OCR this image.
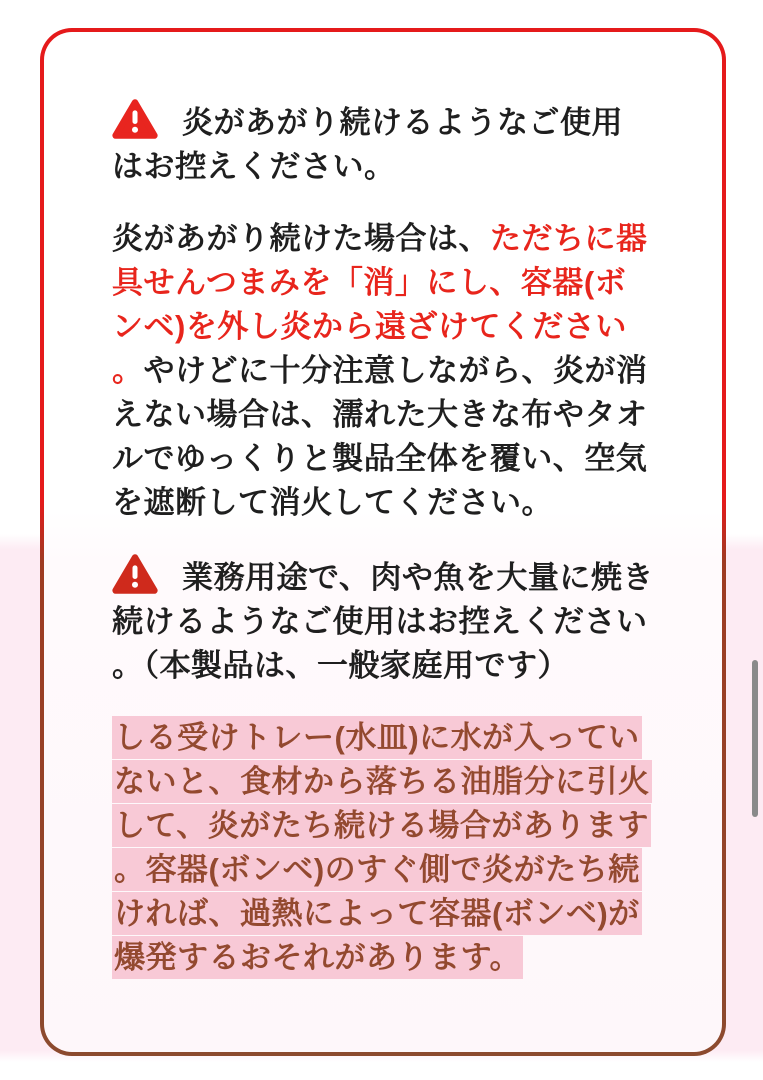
炎があがり続けるようなご使用はお控えください。

炎があがり続けた場合は、ただちに器具せんつまみを「消」にし、容器(ボンベ)を外し炎から遠ざけてください。やけどに十分注意しながら、炎が消えない場合は、濡れた大きな布やタオルでゆっくりと製品全体を覆い、空気を遮断して消火してください。

業務用途で、肉や魚を大量に焼き続けるようなご使用はお控えください。（本製品は、一般家庭用です）

しる受けトレー(水皿)に水が入っていないと、食材から落ちる油脂分に引火して、炎がたち続ける場合があります。容器(ボンベ)のすぐ側で炎がたち続ければ、過熱によって容器(ボンベ)が爆発するおそれがあります。
